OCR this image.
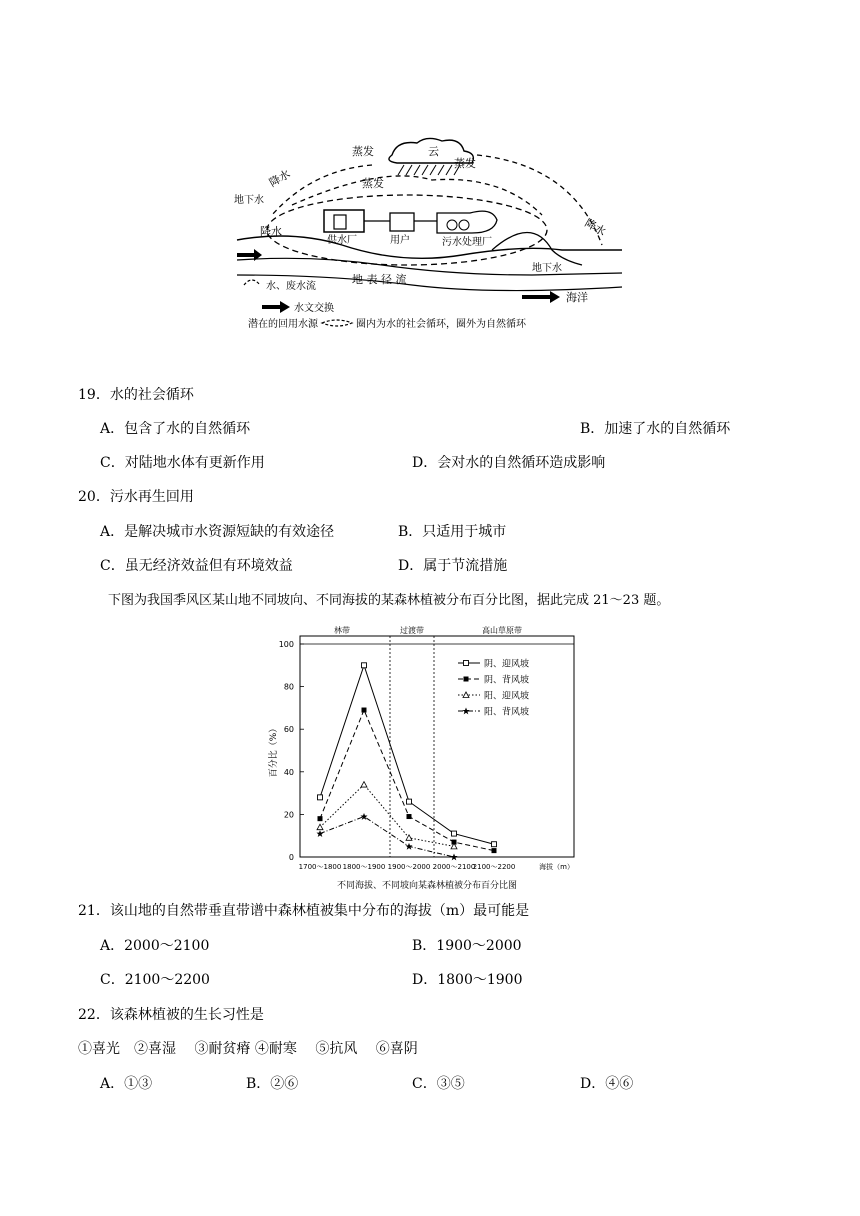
蒸发	云
蒸发
蒸发
降水
地下水
降水
供水厂	用户	污水处理厂
降水
地下水
地 表 径 流
海洋
水、废水流
水文交换
潜在的回用水源	圈内为水的社会循环，圈外为自然循环
19．水的社会循环
A．包含了水的自然循环	B．加速了水的自然循环
C．对陆地水体有更新作用	D．会对水的自然循环造成影响
20．污水再生回用
A．是解决城市水资源短缺的有效途径	B．只适用于城市
C．虽无经济效益但有环境效益	D．属于节流措施
下图为我国季风区某山地不同坡向、不同海拔的某森林植被分布百分比图，据此完成 21～23 题。
林带	过渡带	高山草原带
0
20
40
60
80
100
百分比（%）
1700～1800 1800～1900 1900～2000 2000～2100
2100～2200	海拔（m）
不同海拔、不同坡向某森林植被分布百分比图
阴、迎风坡
阴、背风坡
阳、迎风坡
阳、背风坡
21．该山地的自然带垂直带谱中森林植被集中分布的海拔（m）最可能是
A．2000～2100	B．1900～2000
C．2100～2200	D．1800～1900
22．该森林植被的生长习性是
①喜光　②喜湿　 ③耐贫瘠 ④耐寒　 ⑤抗风　 ⑥喜阴
A．①③	B．②⑥	C．③⑤	D．④⑥
